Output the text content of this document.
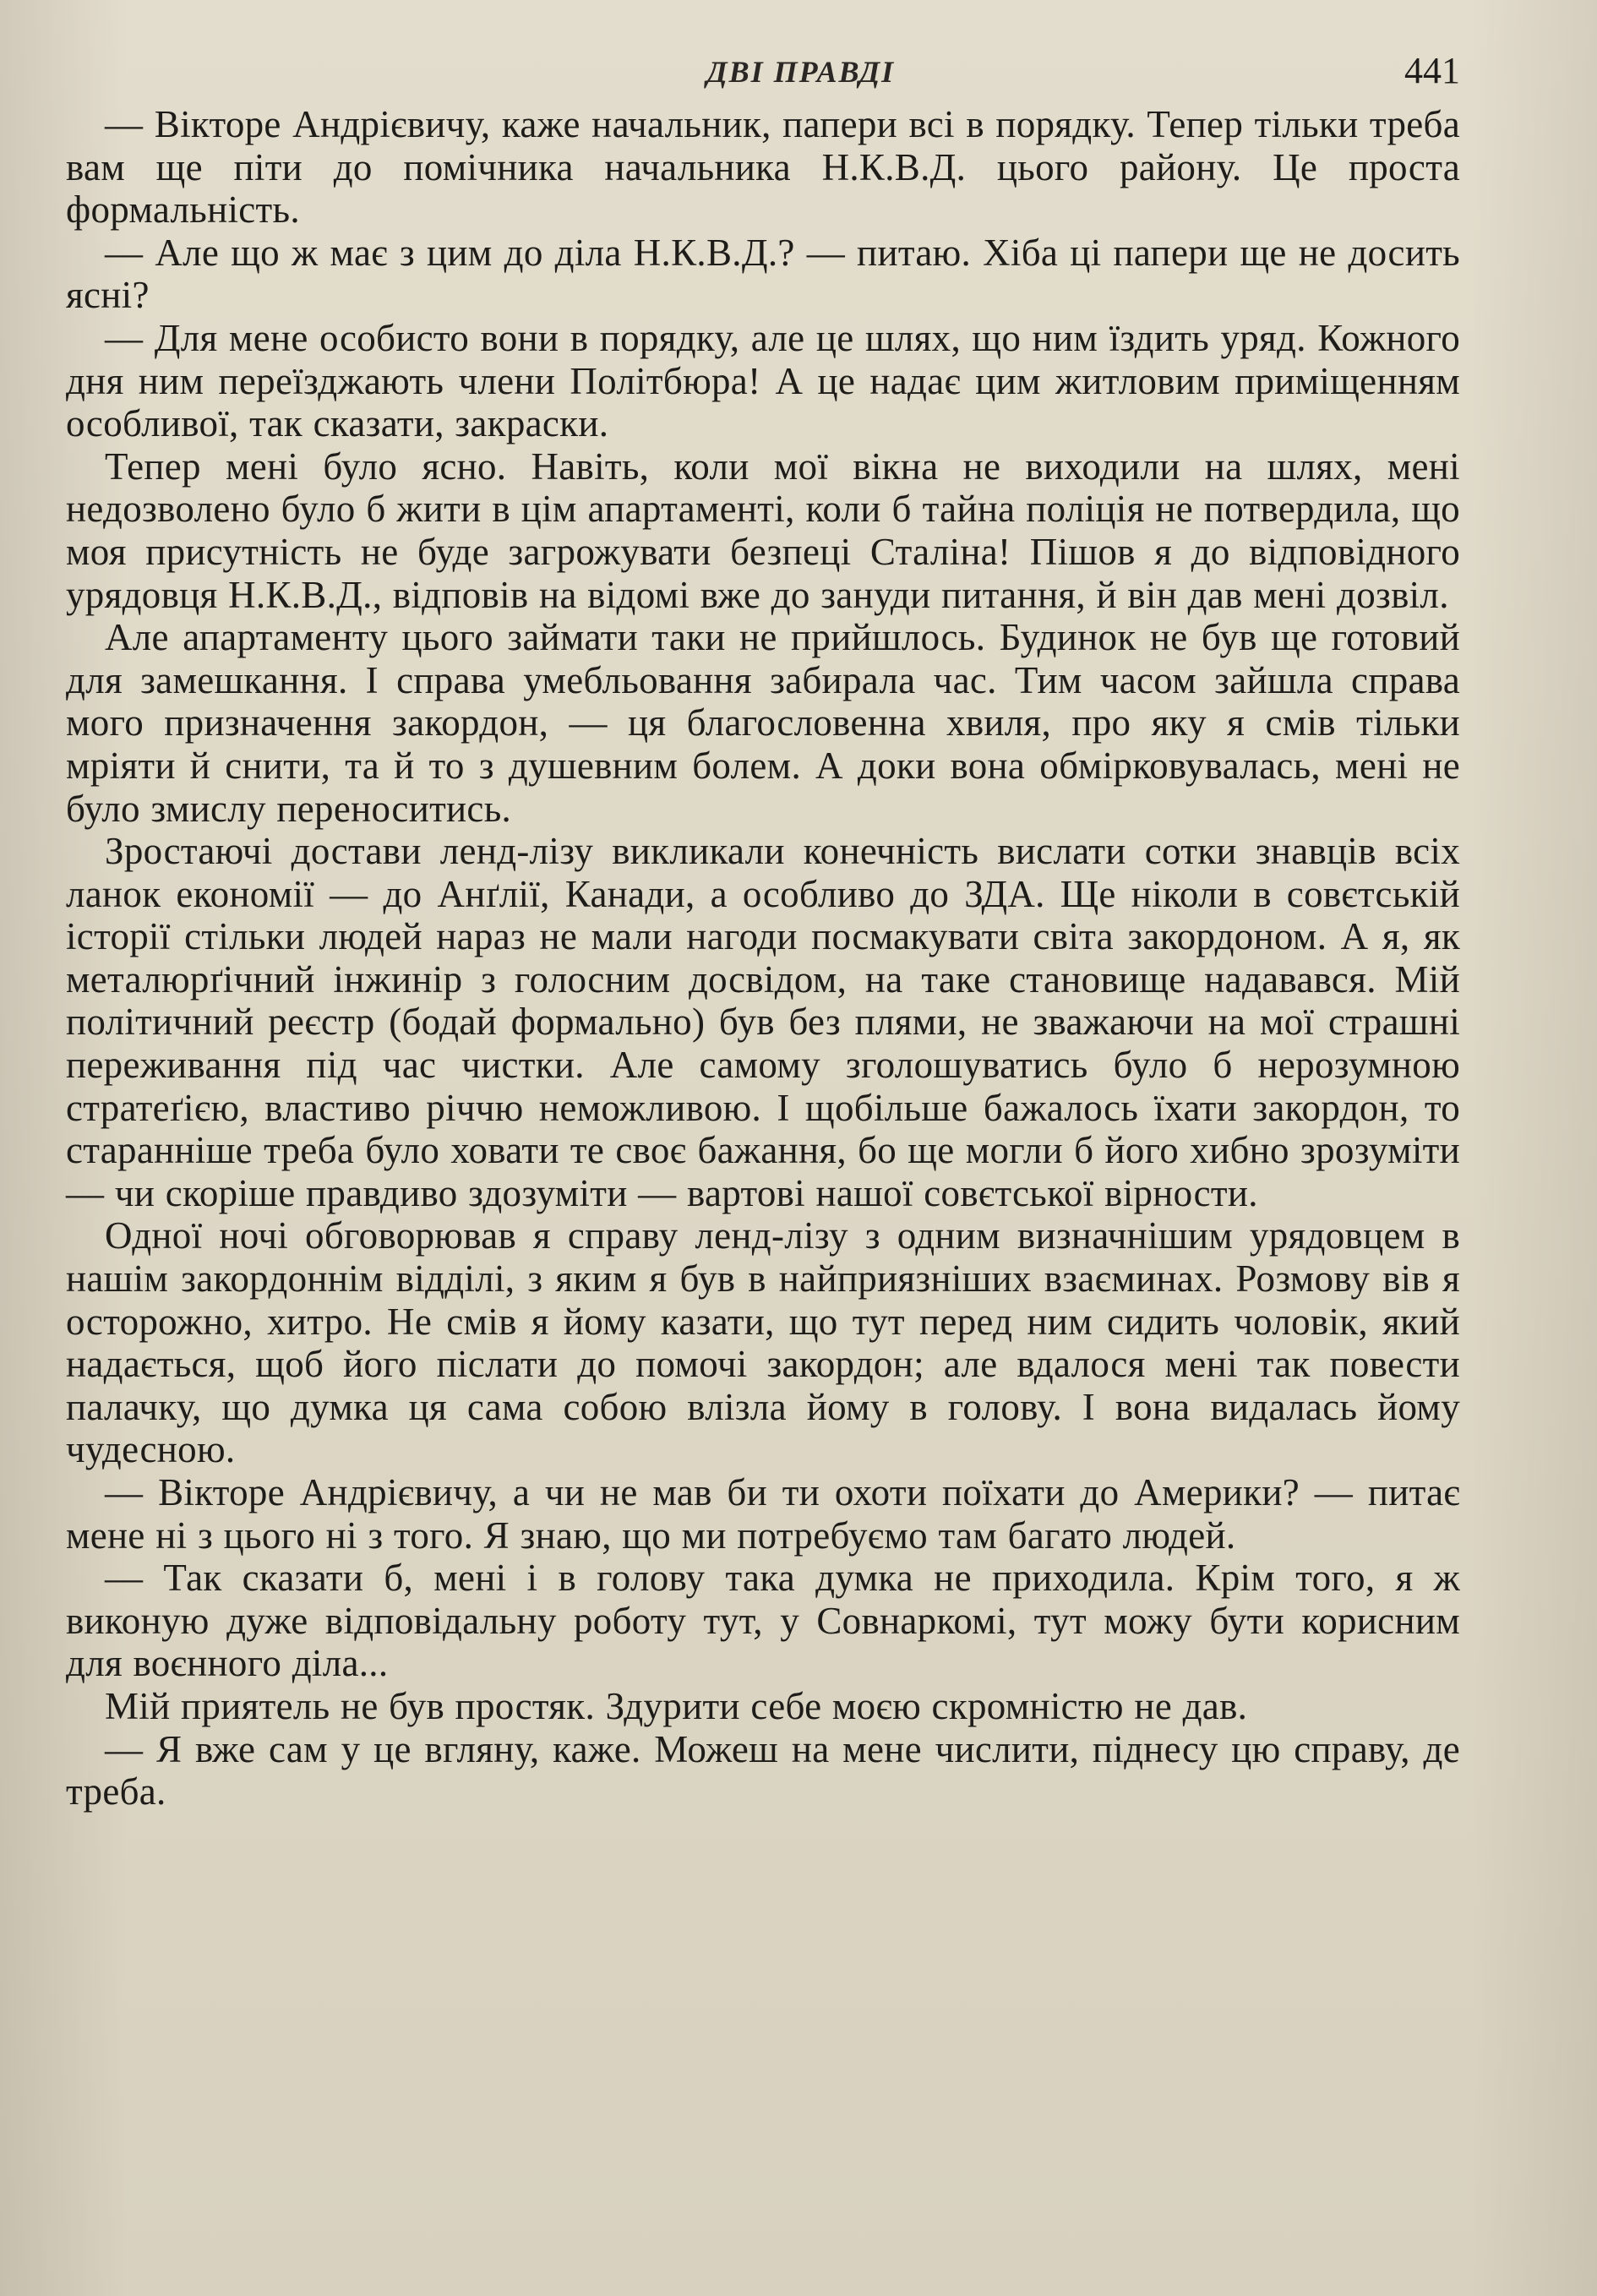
ДВІ ПРАВДІ	441

— Вікторе Андрієвичу, каже начальник, папери всі в порядку. Тепер тільки треба вам ще піти до помічника начальника Н.К.В.Д. цього району. Це проста формальність.

— Але що ж має з цим до діла Н.К.В.Д.? — питаю. Хіба ці папери ще не досить ясні?

— Для мене особисто вони в порядку, але це шлях, що ним їздить уряд. Кожного дня ним переїзджають члени Політбюра! А це надає цим житловим приміщенням особливої, так сказати, закраски.

Тепер мені було ясно. Навіть, коли мої вікна не виходили на шлях, мені недозволено було б жити в цім апартаменті, коли б тайна поліція не потвердила, що моя присутність не буде загрожувати безпеці Сталіна! Пішов я до відповідного урядовця Н.К.В.Д., відповів на відомі вже до зануди питання, й він дав мені дозвіл.

Але апартаменту цього займати таки не прийшлось. Будинок не був ще готовий для замешкання. І справа умебльовання забирала час. Тим часом зайшла справа мого призначення закордон, — ця благословенна хвиля, про яку я смів тільки мріяти й снити, та й то з душевним болем. А доки вона обмірковувалась, мені не було змислу переноситись.

Зростаючі достави ленд-лізу викликали конечність вислати сотки знавців всіх ланок економії — до Анґлії, Канади, а особливо до ЗДА. Ще ніколи в совєтській історії стільки людей нараз не мали нагоди посмакувати світа закордоном. А я, як металюрґічний інжинір з голосним досвідом, на таке становище надавався. Мій політичний реєстр (бодай формально) був без плями, не зважаючи на мої страшні переживання під час чистки. Але самому зголошуватись було б нерозумною стратеґією, властиво річчю неможливою. І щобільше бажалось їхати закордон, то старанніше треба було ховати те своє бажання, бо ще могли б його хибно зрозуміти — чи скоріше правдиво здозуміти — вартові нашої совєтської вірности.

Одної ночі обговорював я справу ленд-лізу з одним визначнішим урядовцем в нашім закордоннім відділі, з яким я був в найприязніших взаєминах. Розмову вів я осторожно, хитро. Не смів я йому казати, що тут перед ним сидить чоловік, який надається, щоб його післати до помочі закордон; але вдалося мені так повести палачку, що думка ця сама собою влізла йому в голову. І вона видалась йому чудесною.

— Вікторе Андрієвичу, а чи не мав би ти охоти поїхати до Америки? — питає мене ні з цього ні з того. Я знаю, що ми потребуємо там багато людей.

— Так сказати б, мені і в голову така думка не приходила. Крім того, я ж виконую дуже відповідальну роботу тут, у Совнаркомі, тут можу бути корисним для воєнного діла...

Мій приятель не був простяк. Здурити себе моєю скромністю не дав.

— Я вже сам у це вгляну, каже. Можеш на мене числити, піднесу цю справу, де треба.
